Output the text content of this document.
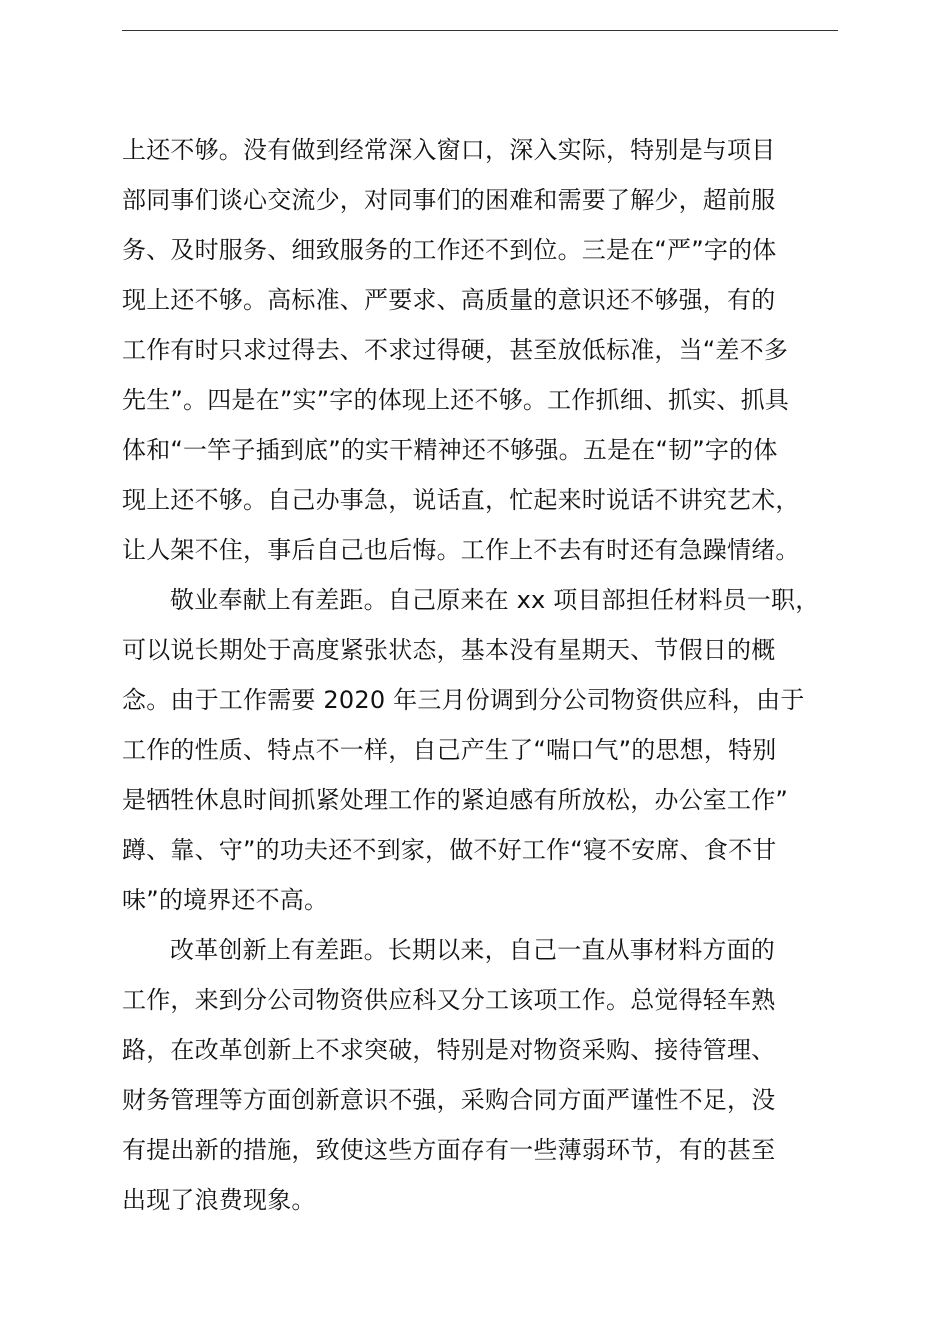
上还不够。没有做到经常深入窗口，深入实际，特别是与项目
部同事们谈心交流少，对同事们的困难和需要了解少，超前服
务、及时服务、细致服务的工作还不到位。三是在“严”字的体
现上还不够。高标准、严要求、高质量的意识还不够强，有的
工作有时只求过得去、不求过得硬，甚至放低标准，当“差不多
先生”。四是在”实”字的体现上还不够。工作抓细、抓实、抓具
体和“一竿子插到底”的实干精神还不够强。五是在“韧”字的体
现上还不够。自己办事急，说话直，忙起来时说话不讲究艺术，
让人架不住，事后自己也后悔。工作上不去有时还有急躁情绪。
敬业奉献上有差距。自己原来在 xx 项目部担任材料员一职，
可以说长期处于高度紧张状态，基本没有星期天、节假日的概
念。由于工作需要 2020 年三月份调到分公司物资供应科，由于
工作的性质、特点不一样，自己产生了“喘口气”的思想，特别
是牺牲休息时间抓紧处理工作的紧迫感有所放松，办公室工作”
蹲、靠、守”的功夫还不到家，做不好工作“寝不安席、食不甘
味”的境界还不高。
改革创新上有差距。长期以来，自己一直从事材料方面的
工作，来到分公司物资供应科又分工该项工作。总觉得轻车熟
路，在改革创新上不求突破，特别是对物资采购、接待管理、
财务管理等方面创新意识不强，采购合同方面严谨性不足，没
有提出新的措施，致使这些方面存有一些薄弱环节，有的甚至
出现了浪费现象。
